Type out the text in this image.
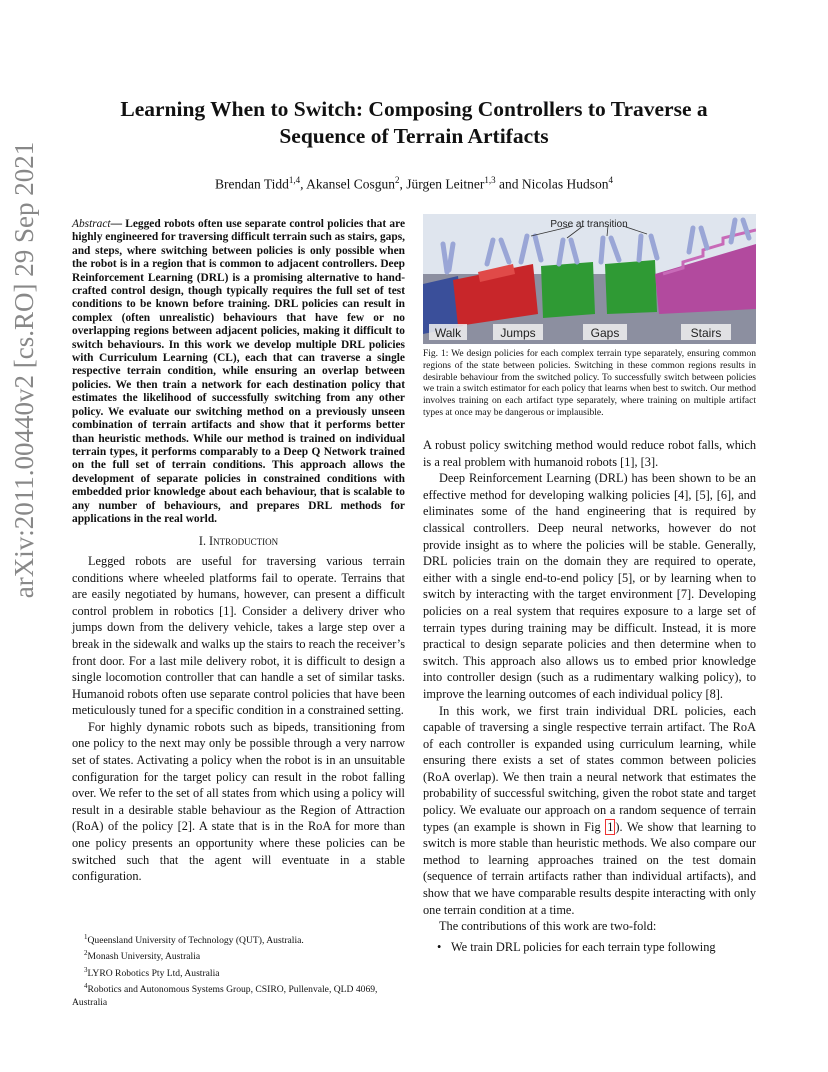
Learning When to Switch: Composing Controllers to Traverse a Sequence of Terrain Artifacts
Brendan Tidd$^{1,4}$, Akansel Cosgun$^2$, Jürgen Leitner$^{1,3}$ and Nicolas Hudson$^4$
arXiv:2011.00440v2 [cs.RO] 29 Sep 2021	Abstract— Legged robots often use separate control policies that are highly engineered for traversing difficult terrain such as stairs, gaps, and steps, where switching between policies is only possible when the robot is in a region that is common to adjacent controllers. Deep Reinforcement Learning (DRL) is a promising alternative to hand-crafted control design, though typically requires the full set of test conditions to be known before training. DRL policies can result in complex (often unrealistic) behaviours that have few or no overlapping regions between adjacent policies, making it difficult to switch behaviours. In this work we develop multiple DRL policies with Curriculum Learning (CL), each that can traverse a single respective terrain condition, while ensuring an overlap between policies. We then train a network for each destination policy that estimates the likelihood of successfully switching from any other policy. We evaluate our switching method on a previously unseen combination of terrain artifacts and show that it performs better than heuristic methods. While our method is trained on individual terrain types, it performs comparably to a Deep Q Network trained on the full set of terrain conditions. This approach allows the development of separate policies in constrained conditions with embedded prior knowledge about each behaviour, that is scalable to any number of behaviours, and prepares DRL methods for applications in the real world.

I. Introduction

Legged robots are useful for traversing various terrain conditions where wheeled platforms fail to operate. Terrains that are easily negotiated by humans, however, can present a difficult control problem in robotics [1]. Consider a delivery driver who jumps down from the delivery vehicle, takes a large step over a break in the sidewalk and walks up the stairs to reach the receiver’s front door. For a last mile delivery robot, it is difficult to design a single locomotion controller that can handle a set of similar tasks. Humanoid robots often use separate control policies that have been meticulously tuned for a specific condition in a constrained setting.

For highly dynamic robots such as bipeds, transitioning from one policy to the next may only be possible through a very narrow set of states. Activating a policy when the robot is in an unsuitable configuration for the target policy can result in the robot falling over. We refer to the set of all states from which using a policy will result in a desirable stable behaviour as the Region of Attraction (RoA) of the policy [2]. A state that is in the RoA for more than one policy presents an opportunity where these policies can be switched such that the agent will eventuate in a stable configuration.

$^1$Queensland University of Technology (QUT), Australia.
$^2$Monash University, Australia
$^3$LYRO Robotics Pty Ltd, Australia
$^4$Robotics and Autonomous Systems Group, CSIRO, Pullenvale, QLD 4069, Australia
Pose at transition
Walk	Jumps	Gaps	Stairs
Fig. 1: We design policies for each complex terrain type separately, ensuring common regions of the state between policies. Switching in these common regions results in desirable behaviour from the switched policy. To successfully switch between policies we train a switch estimator for each policy that learns when best to switch. Our method involves training on each artifact type separately, where training on multiple artifact types at once may be dangerous or implausible.

A robust policy switching method would reduce robot falls, which is a real problem with humanoid robots [1], [3].

Deep Reinforcement Learning (DRL) has been shown to be an effective method for developing walking policies [4], [5], [6], and eliminates some of the hand engineering that is required by classical controllers. Deep neural networks, however do not provide insight as to where the policies will be stable. Generally, DRL policies train on the domain they are required to operate, either with a single end-to-end policy [5], or by learning when to switch by interacting with the target environment [7]. Developing policies on a real system that requires exposure to a large set of terrain types during training may be difficult. Instead, it is more practical to design separate policies and then determine when to switch. This approach also allows us to embed prior knowledge into controller design (such as a rudimentary walking policy), to improve the learning outcomes of each individual policy [8].

In this work, we first train individual DRL policies, each capable of traversing a single respective terrain artifact. The RoA of each controller is expanded using curriculum learning, while ensuring there exists a set of states common between policies (RoA overlap). We then train a neural network that estimates the probability of successful switching, given the robot state and target policy. We evaluate our approach on a random sequence of terrain types (an example is shown in Fig 1 ). We show that learning to switch is more stable than heuristic methods. We also compare our method to learning approaches trained on the test domain (sequence of terrain artifacts rather than individual artifacts), and show that we have comparable results despite interacting with only one terrain condition at a time.

The contributions of this work are two-fold:

• We train DRL policies for each terrain type following
